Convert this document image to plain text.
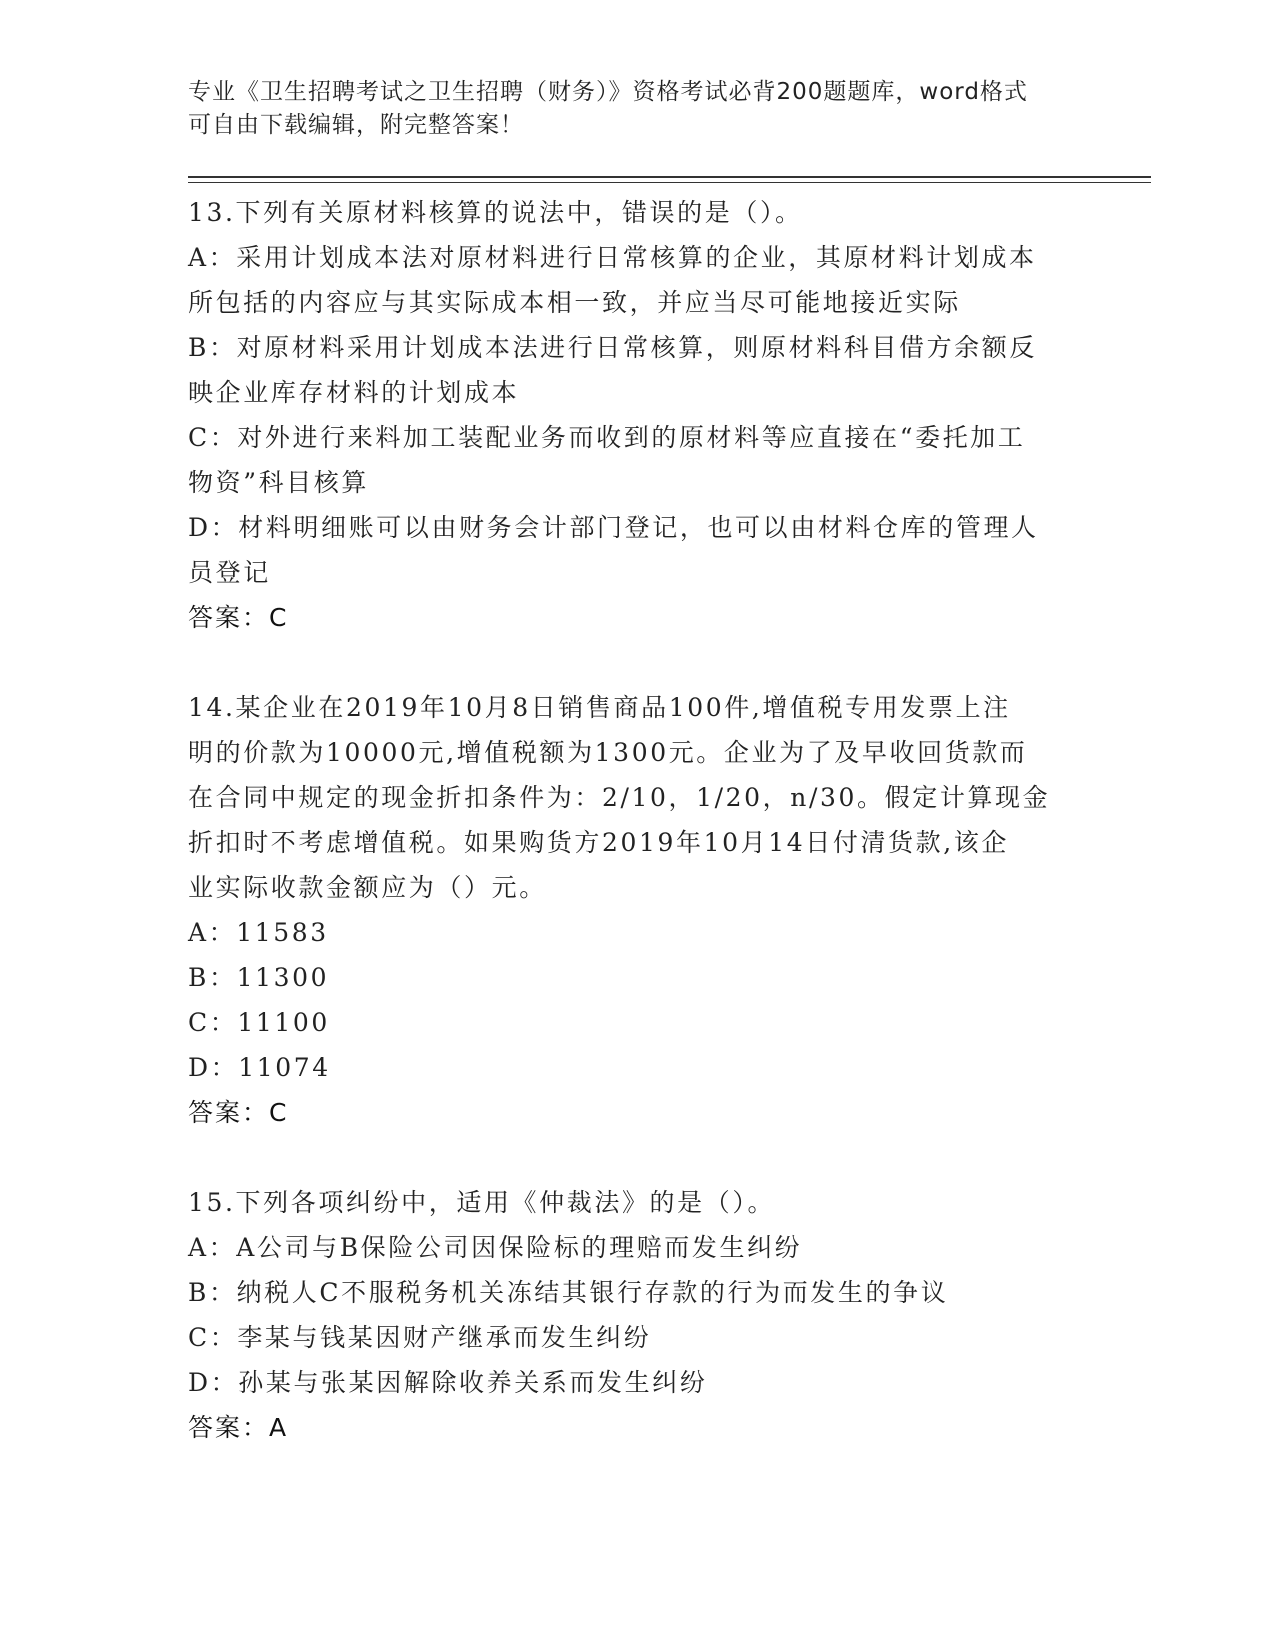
专业《卫生招聘考试之卫生招聘（财务）》资格考试必背200题题库，word格式
可自由下载编辑，附完整答案！

13.下列有关原材料核算的说法中，错误的是（）。

A：采用计划成本法对原材料进行日常核算的企业，其原材料计划成本

所包括的内容应与其实际成本相一致，并应当尽可能地接近实际

B：对原材料采用计划成本法进行日常核算，则原材料科目借方余额反

映企业库存材料的计划成本

C：对外进行来料加工装配业务而收到的原材料等应直接在“委托加工

物资”科目核算

D：材料明细账可以由财务会计部门登记，也可以由材料仓库的管理人

员登记

答案：C

14.某企业在2019年10月8日销售商品100件,增值税专用发票上注

明的价款为10000元,增值税额为1300元。企业为了及早收回货款而

在合同中规定的现金折扣条件为：2/10，1/20，n/30。假定计算现金

折扣时不考虑增值税。如果购货方2019年10月14日付清货款,该企

业实际收款金额应为（）元。

A：11583

B：11300

C：11100

D：11074

答案：C

15.下列各项纠纷中，适用《仲裁法》的是（）。

A：A公司与B保险公司因保险标的理赔而发生纠纷

B：纳税人C不服税务机关冻结其银行存款的行为而发生的争议

C：李某与钱某因财产继承而发生纠纷

D：孙某与张某因解除收养关系而发生纠纷

答案：A
